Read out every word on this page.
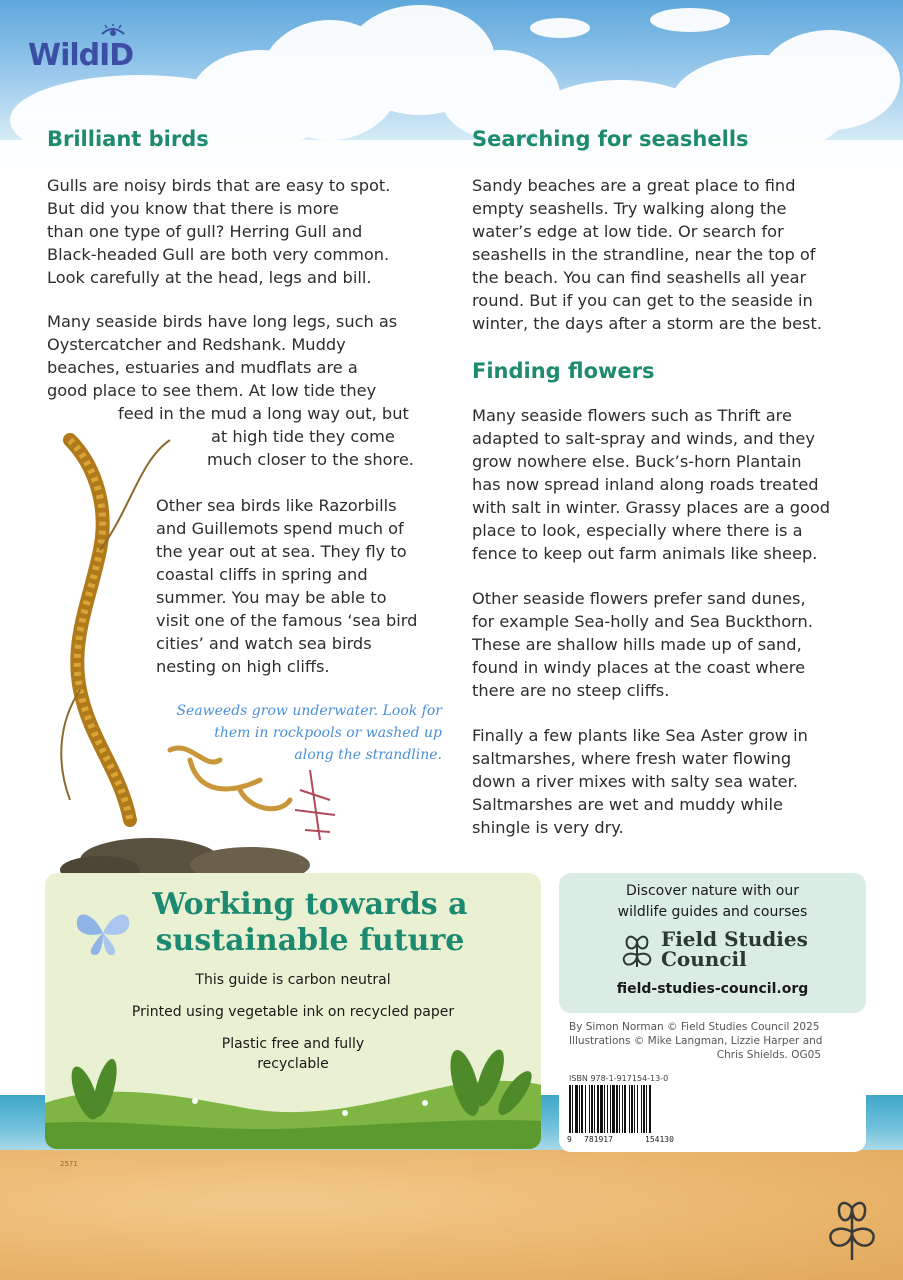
WildID
Brilliant birds
Gulls are noisy birds that are easy to spot.
But did you know that there is more
than one type of gull? Herring Gull and
Black-headed Gull are both very common.
Look carefully at the head, legs and bill.
Many seaside birds have long legs, such as
Oystercatcher and Redshank. Muddy
beaches, estuaries and mudflats are a
good place to see them. At low tide they
feed in the mud a long way out, but
at high tide they come
much closer to the shore.
Other sea birds like Razorbills
and Guillemots spend much of
the year out at sea. They fly to
coastal cliffs in spring and
summer. You may be able to
visit one of the famous ‘sea bird
cities’ and watch sea birds
nesting on high cliffs.
Seaweeds grow underwater. Look for
them in rockpools or washed up
along the strandline.
Searching for seashells
Sandy beaches are a great place to find
empty seashells. Try walking along the
water’s edge at low tide. Or search for
seashells in the strandline, near the top of
the beach. You can find seashells all year
round. But if you can get to the seaside in
winter, the days after a storm are the best.
Finding flowers
Many seaside flowers such as Thrift are
adapted to salt-spray and winds, and they
grow nowhere else. Buck’s-horn Plantain
has now spread inland along roads treated
with salt in winter. Grassy places are a good
place to look, especially where there is a
fence to keep out farm animals like sheep.
Other seaside flowers prefer sand dunes,
for example Sea-holly and Sea Buckthorn.
These are shallow hills made up of sand,
found in windy places at the coast where
there are no steep cliffs.
Finally a few plants like Sea Aster grow in
saltmarshes, where fresh water flowing
down a river mixes with salty sea water.
Saltmarshes are wet and muddy while
shingle is very dry.
Working towards a
sustainable future
This guide is carbon neutral
Printed using vegetable ink on recycled paper
Plastic free and fully
recyclable
Discover nature with our
wildlife guides and courses
Field Studies
Council
field-studies-council.org
By Simon Norman © Field Studies Council 2025
Illustrations © Mike Langman, Lizzie Harper and
Chris Shields. OG05
ISBN 978-1-917154-13-0
9 781917	154130
2571
